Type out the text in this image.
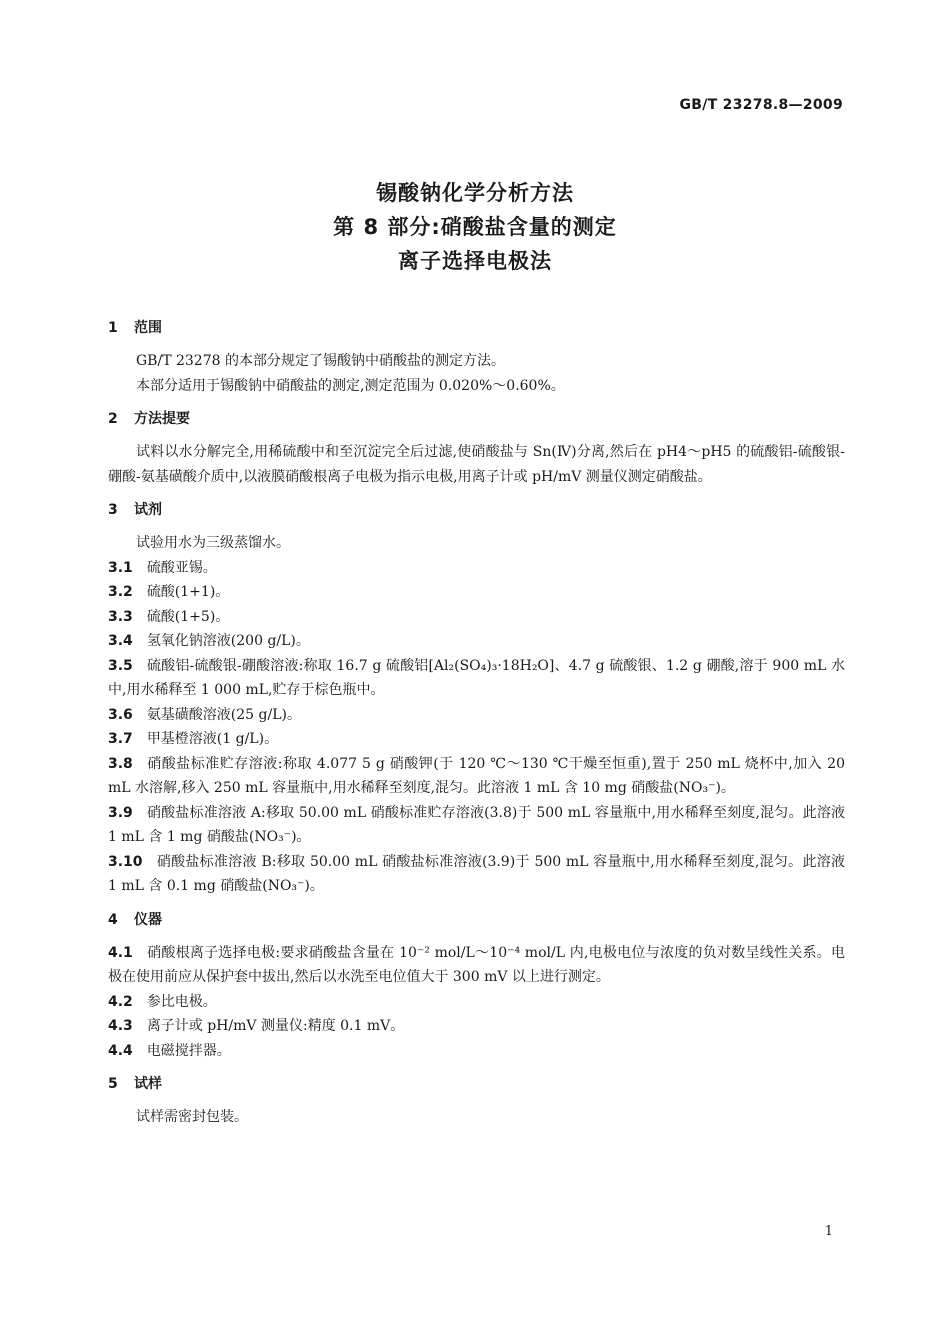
GB/T 23278.8—2009
锡酸钠化学分析方法
第 8 部分:硝酸盐含量的测定
离子选择电极法
1 范围
GB/T 23278 的本部分规定了锡酸钠中硝酸盐的测定方法。
本部分适用于锡酸钠中硝酸盐的测定,测定范围为 0.020%～0.60%。
2 方法提要
试料以水分解完全,用稀硫酸中和至沉淀完全后过滤,使硝酸盐与 Sn(Ⅳ)分离,然后在 pH4～pH5 的硫酸铝-硫酸银-硼酸-氨基磺酸介质中,以液膜硝酸根离子电极为指示电极,用离子计或 pH/mV 测量仪测定硝酸盐。
3 试剂
试验用水为三级蒸馏水。
3.1 硫酸亚锡。
3.2 硫酸(1+1)。
3.3 硫酸(1+5)。
3.4 氢氧化钠溶液(200 g/L)。
3.5 硫酸铝-硫酸银-硼酸溶液:称取 16.7 g 硫酸铝[Al₂(SO₄)₃·18H₂O]、4.7 g 硫酸银、1.2 g 硼酸,溶于 900 mL 水中,用水稀释至 1 000 mL,贮存于棕色瓶中。
3.6 氨基磺酸溶液(25 g/L)。
3.7 甲基橙溶液(1 g/L)。
3.8 硝酸盐标准贮存溶液:称取 4.077 5 g 硝酸钾(于 120 ℃～130 ℃干燥至恒重),置于 250 mL 烧杯中,加入 20 mL 水溶解,移入 250 mL 容量瓶中,用水稀释至刻度,混匀。此溶液 1 mL 含 10 mg 硝酸盐(NO₃⁻)。
3.9 硝酸盐标准溶液 A:移取 50.00 mL 硝酸标准贮存溶液(3.8)于 500 mL 容量瓶中,用水稀释至刻度,混匀。此溶液 1 mL 含 1 mg 硝酸盐(NO₃⁻)。
3.10 硝酸盐标准溶液 B:移取 50.00 mL 硝酸盐标准溶液(3.9)于 500 mL 容量瓶中,用水稀释至刻度,混匀。此溶液 1 mL 含 0.1 mg 硝酸盐(NO₃⁻)。
4 仪器
4.1 硝酸根离子选择电极:要求硝酸盐含量在 10⁻² mol/L～10⁻⁴ mol/L 内,电极电位与浓度的负对数呈线性关系。电极在使用前应从保护套中拔出,然后以水洗至电位值大于 300 mV 以上进行测定。
4.2 参比电极。
4.3 离子计或 pH/mV 测量仪:精度 0.1 mV。
4.4 电磁搅拌器。
5 试样
试样需密封包装。
1
